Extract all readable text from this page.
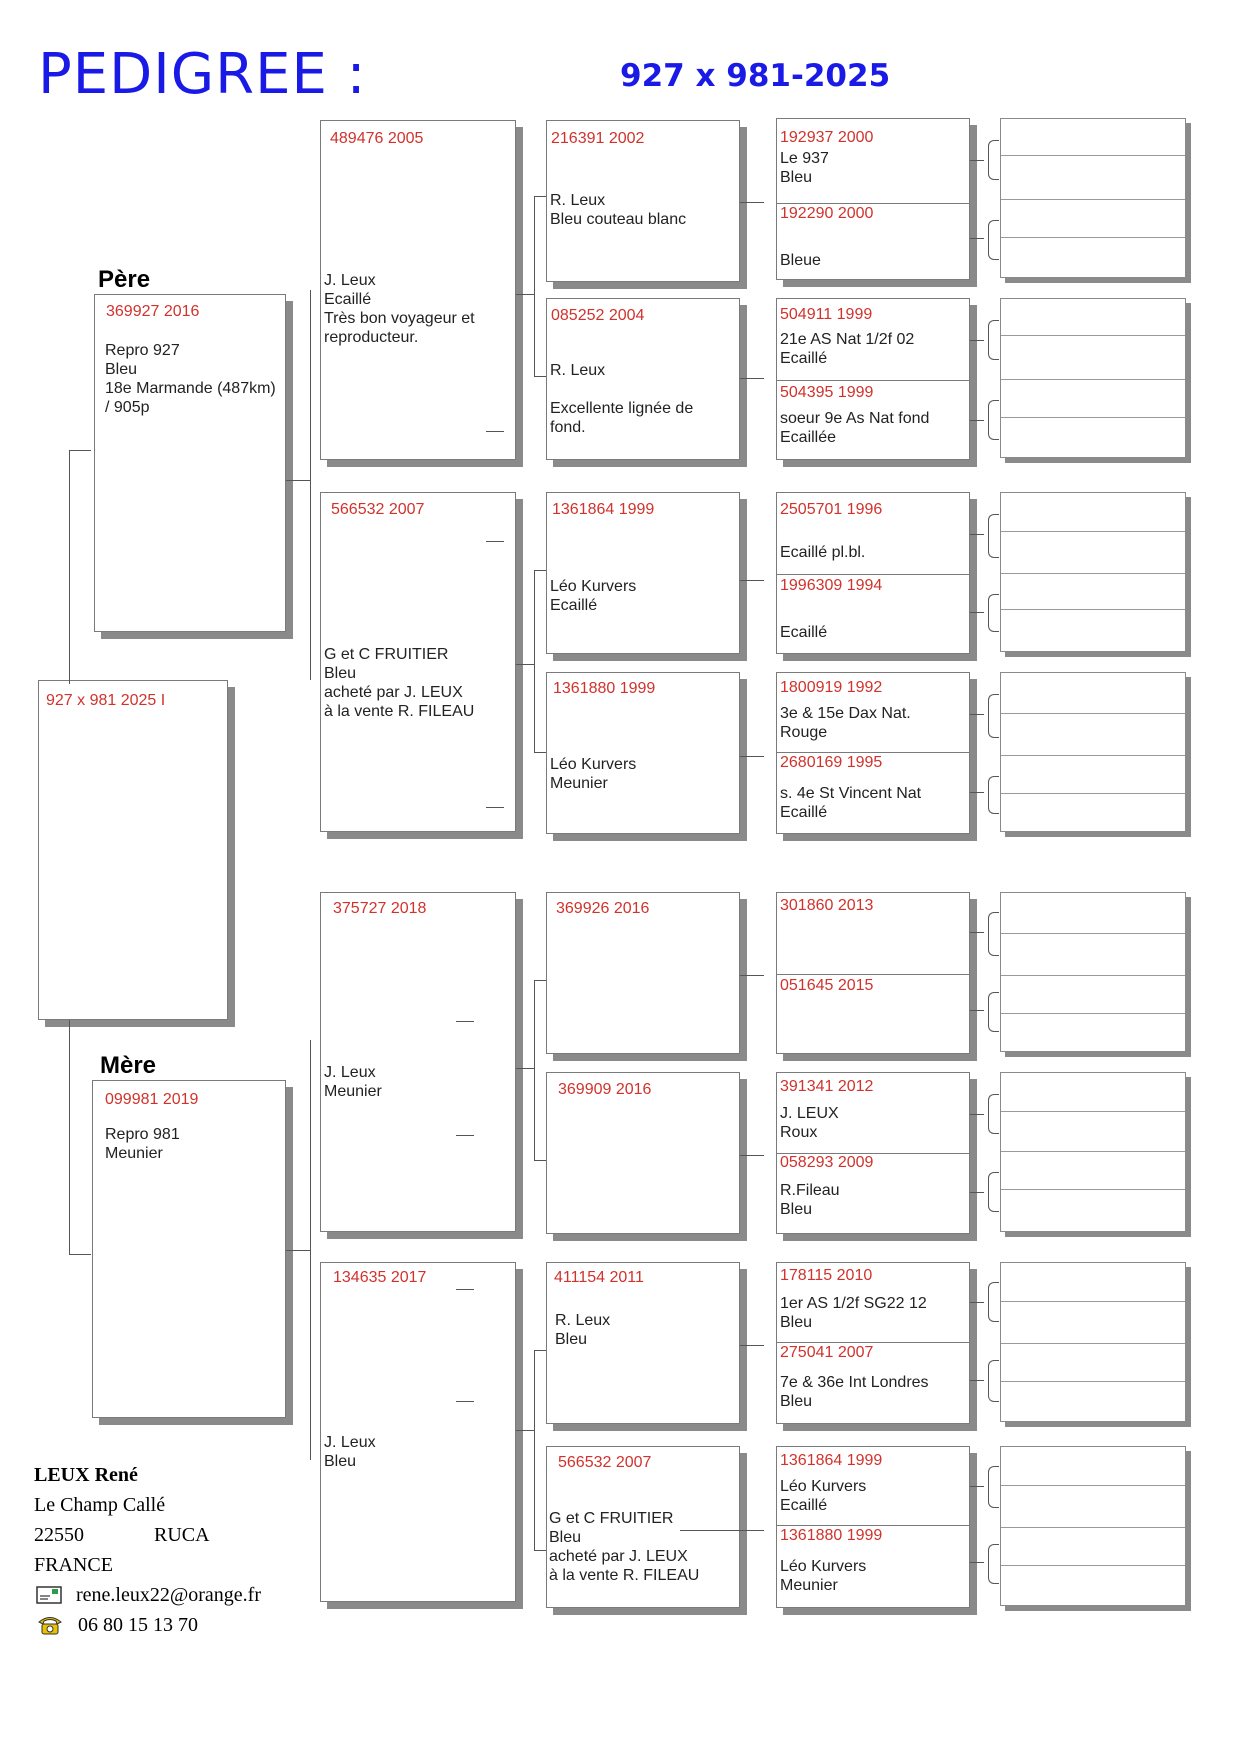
PEDIGREE :	927 x 981-2025
927 x 981 2025 I
Père
369927 2016
Repro 927
Bleu
18e Marmande (487km)
/ 905p
Mère
099981 2019
Repro 981
Meunier
489476 2005
J. Leux
Ecaillé
Très bon voyageur et
reproducteur.
566532 2007
G et C FRUITIER
Bleu
acheté par J. LEUX
à la vente R. FILEAU
375727 2018
J. Leux
Meunier
134635 2017
J. Leux
Bleu
216391 2002
R. Leux
Bleu couteau blanc
085252 2004
R. Leux

Excellente lignée de
fond.
1361864 1999
Léo Kurvers
Ecaillé
1361880 1999
Léo Kurvers
Meunier
369926 2016
369909 2016
411154 2011
R. Leux
Bleu
566532 2007
G et C FRUITIER
Bleu
acheté par J. LEUX
à la vente R. FILEAU
192937 2000
Le 937
Bleu
192290 2000
Bleue
504911 1999
21e AS Nat 1/2f 02
Ecaillé
504395 1999
soeur 9e As Nat fond
Ecaillée
2505701 1996
Ecaillé pl.bl.
1996309 1994
Ecaillé
1800919 1992
3e & 15e Dax Nat.
Rouge
2680169 1995
s. 4e St Vincent Nat
Ecaillé
301860 2013
051645 2015
391341 2012
J. LEUX
Roux
058293 2009
R.Fileau
Bleu
178115 2010
1er AS 1/2f SG22 12
Bleu
275041 2007
7e & 36e Int Londres
Bleu
1361864 1999
Léo Kurvers
Ecaillé
1361880 1999
Léo Kurvers
Meunier
LEUX René
Le Champ Callé
22550	RUCA
FRANCE
rene.leux22@orange.fr
06 80 15 13 70
